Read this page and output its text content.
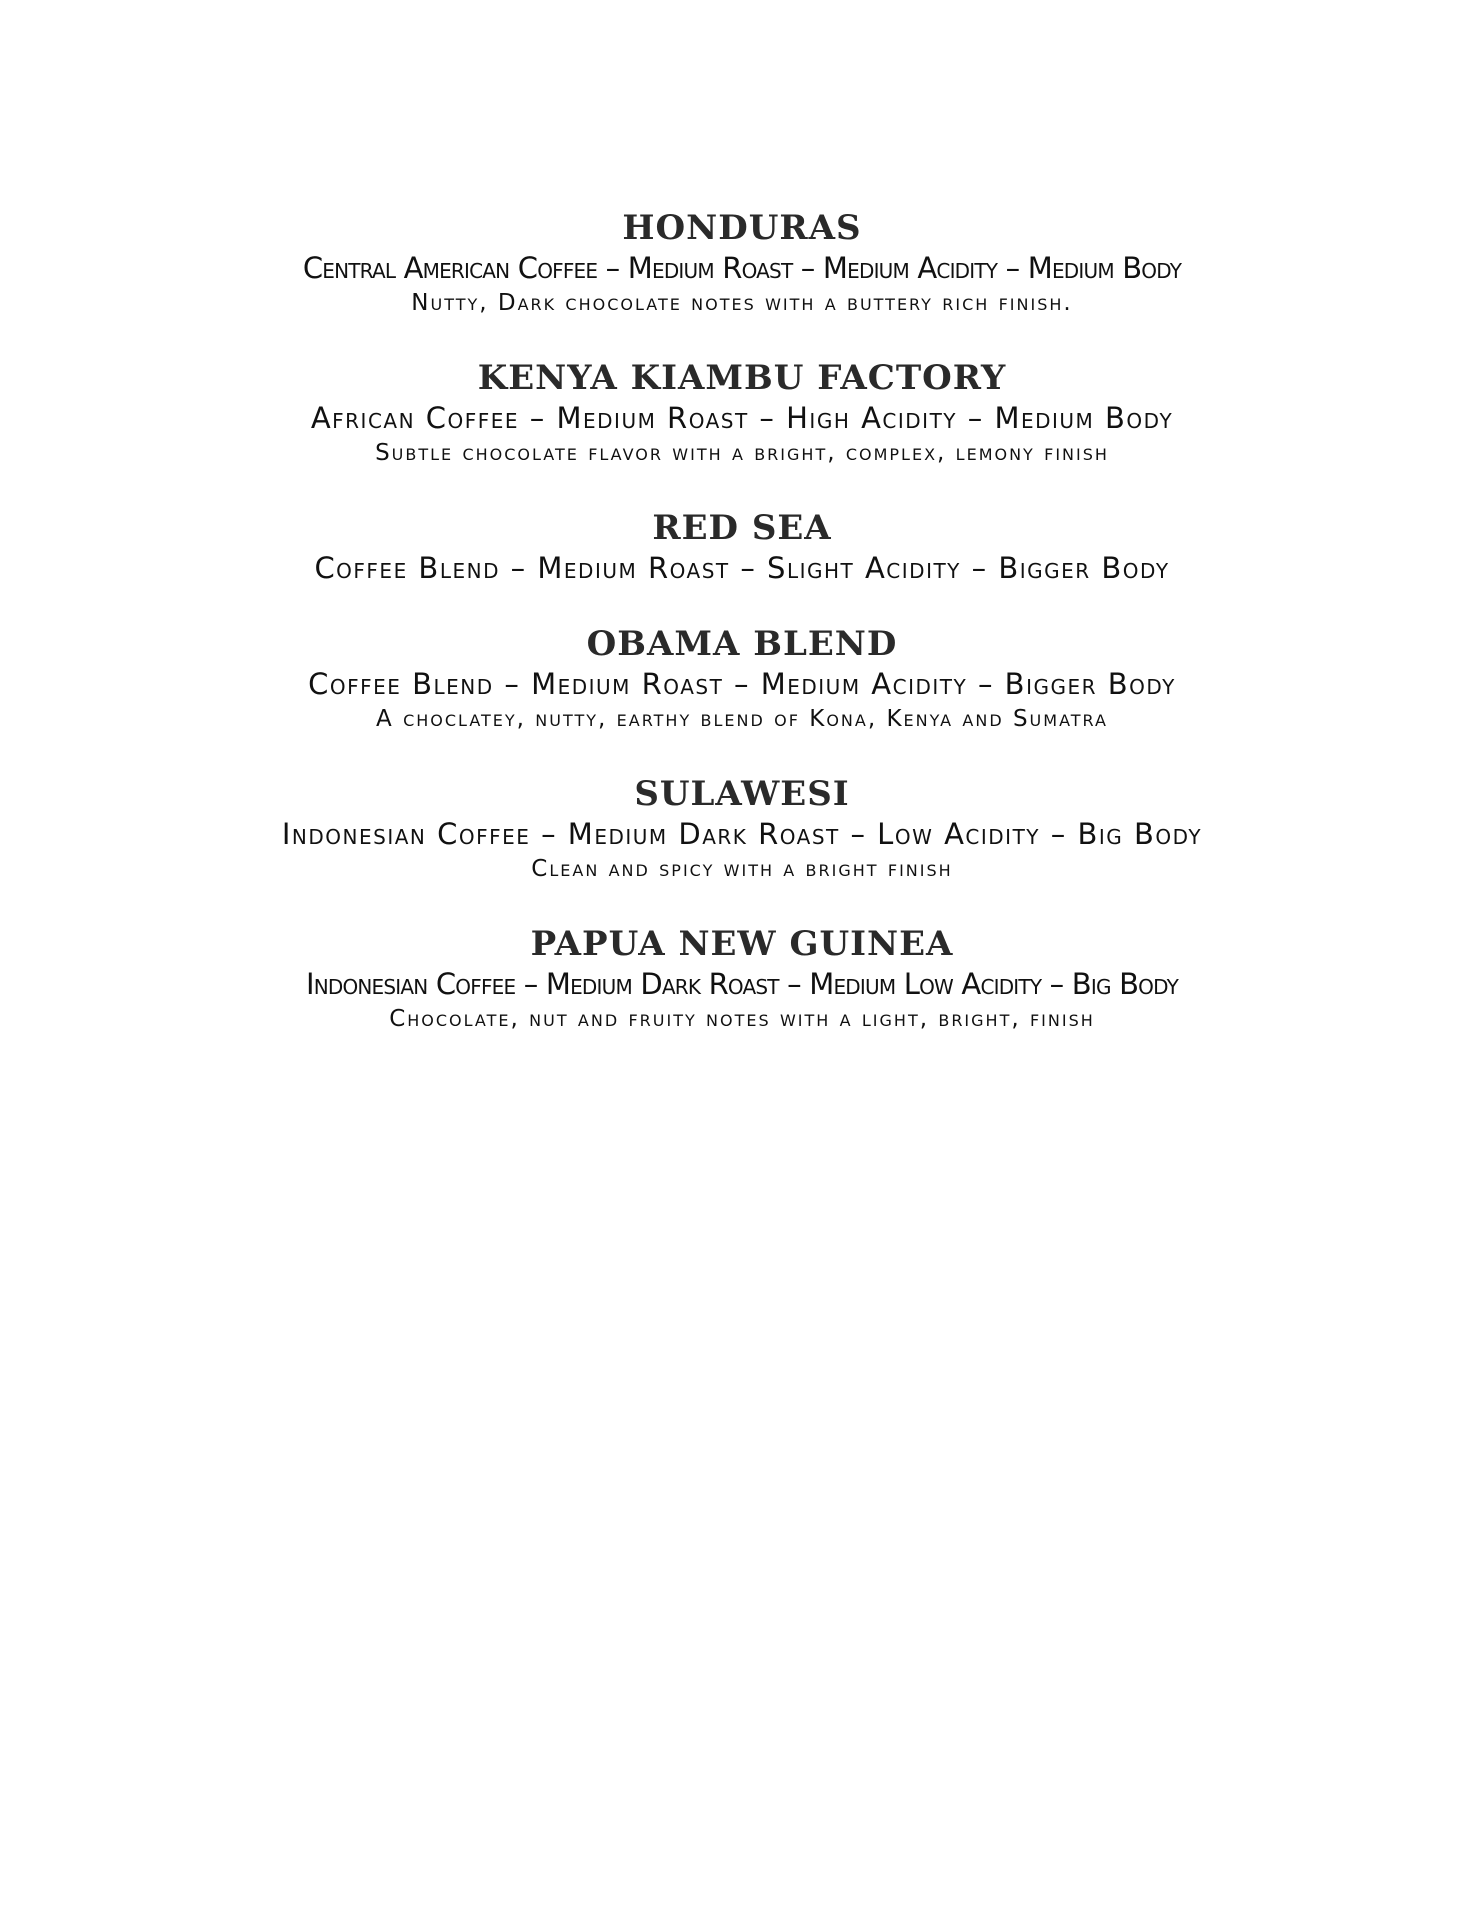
HONDURAS

Central American Coffee – Medium Roast – Medium Acidity – Medium Body

Nutty, Dark chocolate notes with a buttery rich finish.

KENYA KIAMBU FACTORY

African Coffee – Medium Roast – High Acidity – Medium Body

Subtle chocolate flavor with a bright, complex, lemony finish

RED SEA

Coffee Blend – Medium Roast – Slight Acidity – Bigger Body

OBAMA BLEND

Coffee Blend – Medium Roast – Medium Acidity – Bigger Body

A choclatey, nutty, earthy blend of Kona, Kenya and Sumatra

SULAWESI

Indonesian Coffee – Medium Dark Roast – Low Acidity – Big Body

Clean and spicy with a bright finish

PAPUA NEW GUINEA

Indonesian Coffee – Medium Dark Roast – Medium Low Acidity – Big Body

Chocolate, nut and fruity notes with a light, bright, finish
